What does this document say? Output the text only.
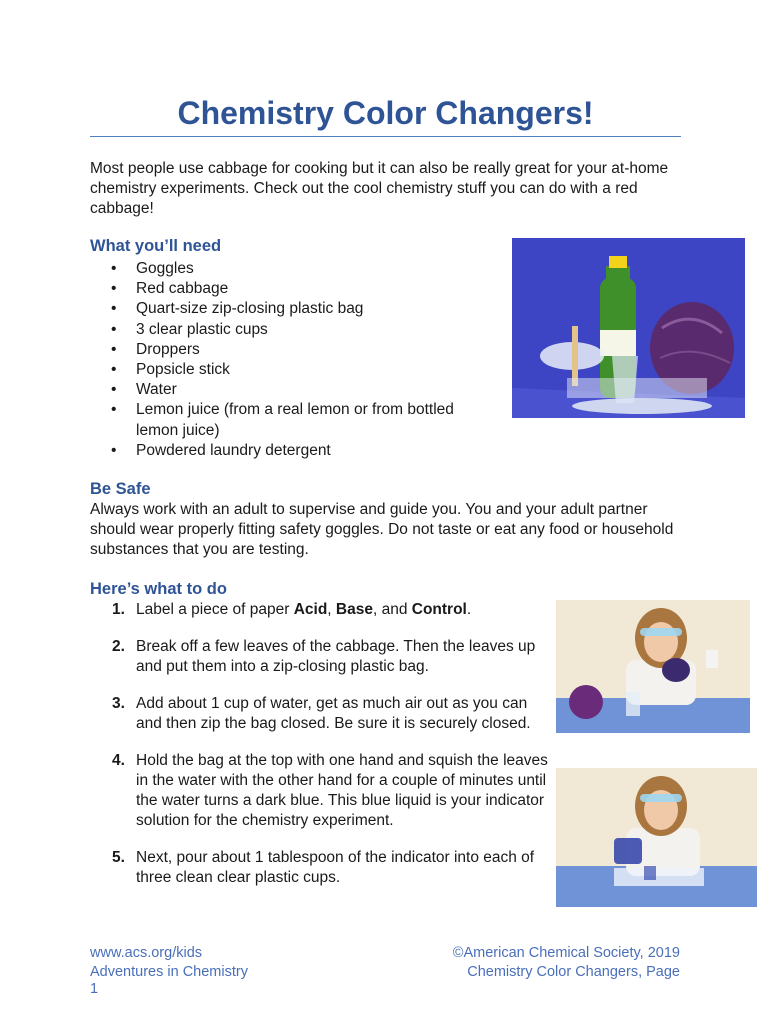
Chemistry Color Changers!
Most people use cabbage for cooking but it can also be really great for your at-home chemistry experiments. Check out the cool chemistry stuff you can do with a red cabbage!
What you’ll need
• Goggles
• Red cabbage
• Quart-size zip-closing plastic bag
• 3 clear plastic cups
• Droppers
• Popsicle stick
• Water
• Lemon juice (from a real lemon or from bottled lemon juice)
• Powdered laundry detergent
Be Safe
Always work with an adult to supervise and guide you. You and your adult partner should wear properly fitting safety goggles. Do not taste or eat any food or household substances that you are testing.
Here’s what to do
1. Label a piece of paper Acid, Base, and Control.
2. Break off a few leaves of the cabbage. Then the leaves up and put them into a zip-closing plastic bag.
3. Add about 1 cup of water, get as much air out as you can and then zip the bag closed. Be sure it is securely closed.
4. Hold the bag at the top with one hand and squish the leaves in the water with the other hand for a couple of minutes until the water turns a dark blue. This blue liquid is your indicator solution for the chemistry experiment.
5. Next, pour about 1 tablespoon of the indicator into each of three clean clear plastic cups.
www.acs.org/kids
Adventures in Chemistry
1
©American Chemical Society, 2019
Chemistry Color Changers, Page
